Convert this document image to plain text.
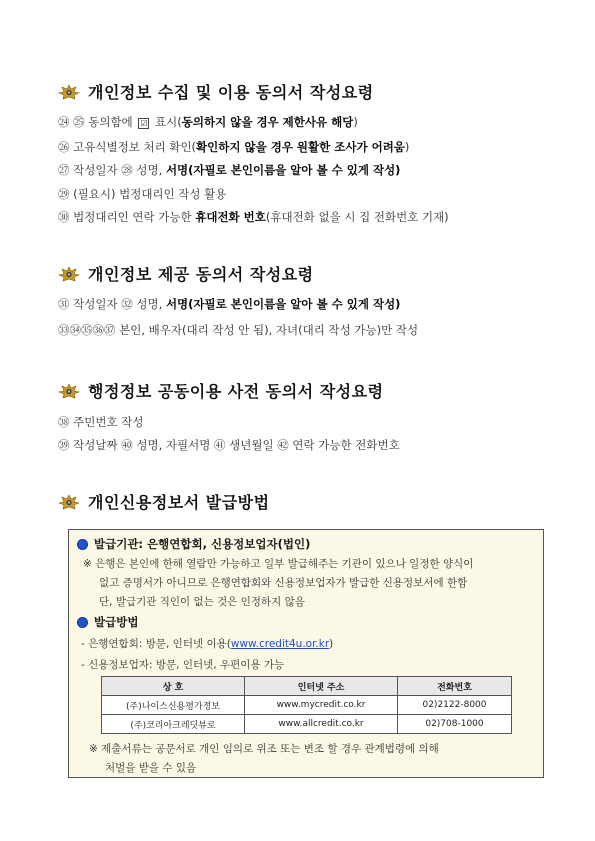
개인정보 수집 및 이용 동의서 작성요령
㉔ ㉕ 동의함에 ☑ 표시(동의하지 않을 경우 제한사유 해당)
㉖ 고유식별정보 처리 확인(확인하지 않을 경우 원활한 조사가 어려움)
㉗ 작성일자 ㉘ 성명, 서명(자필로 본인이름을 알아 볼 수 있게 작성)
㉙ (필요시) 법정대리인 작성 활용
㉚ 법정대리인 연락 가능한 휴대전화 번호(휴대전화 없을 시 집 전화번호 기재)
개인정보 제공 동의서 작성요령
㉛ 작성일자 ㉜ 성명, 서명(자필로 본인이름을 알아 볼 수 있게 작성)
㉝㉞㉟㊱㊲ 본인, 배우자(대리 작성 안 됨), 자녀(대리 작성 가능)만 작성
행정정보 공동이용 사전 동의서 작성요령
㊳ 주민번호 작성
㊴ 작성날짜 ㊵ 성명, 자필서명 ㊶ 생년월일 ㊷ 연락 가능한 전화번호
개인신용정보서 발급방법
발급기관: 은행연합회, 신용정보업자(법인)
※ 은행은 본인에 한해 열람만 가능하고 일부 발급해주는 기관이 있으나 일정한 양식이
없고 증명서가 아니므로 은행연합회와 신용정보업자가 발급한 신용정보서에 한함
단, 발급기관 직인이 없는 것은 인정하지 않음
발급방법
- 은행연합회: 방문, 인터넷 이용(www.credit4u.or.kr)
- 신용정보업자: 방문, 인터넷, 우편이용 가능
상 호	인터넷 주소	전화번호
(주)나이스신용평가정보	www.mycredit.co.kr	02)2122-8000
(주)코리아크레딧뷰로	www.allcredit.co.kr	02)708-1000
※ 제출서류는 공문서로 개인 임의로 위조 또는 변조 할 경우 관계법령에 의해
처벌을 받을 수 있음
